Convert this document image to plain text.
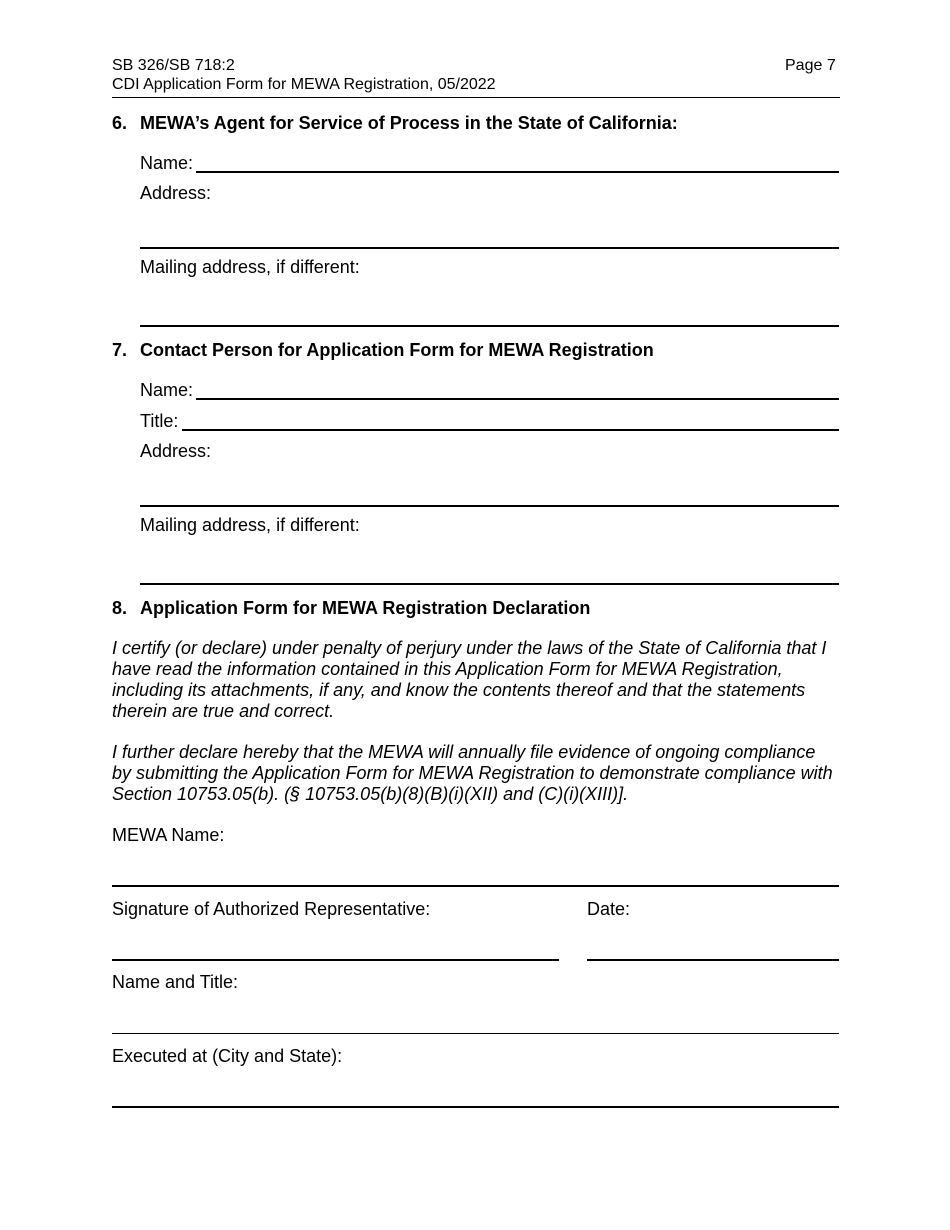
SB 326/SB 718:2
CDI Application Form for MEWA Registration, 05/2022
Page 7
6. MEWA’s Agent for Service of Process in the State of California:
Name:
Address:
Mailing address, if different:
7. Contact Person for Application Form for MEWA Registration
Name:
Title:
Address:
Mailing address, if different:
8. Application Form for MEWA Registration Declaration
I certify (or declare) under penalty of perjury under the laws of the State of California that I have read the information contained in this Application Form for MEWA Registration, including its attachments, if any, and know the contents thereof and that the statements therein are true and correct.
I further declare hereby that the MEWA will annually file evidence of ongoing compliance by submitting the Application Form for MEWA Registration to demonstrate compliance with Section 10753.05(b). (§ 10753.05(b)(8)(B)(i)(XII) and (C)(i)(XIII)].
MEWA Name:
Signature of Authorized Representative:	Date:
Name and Title:
Executed at (City and State):
